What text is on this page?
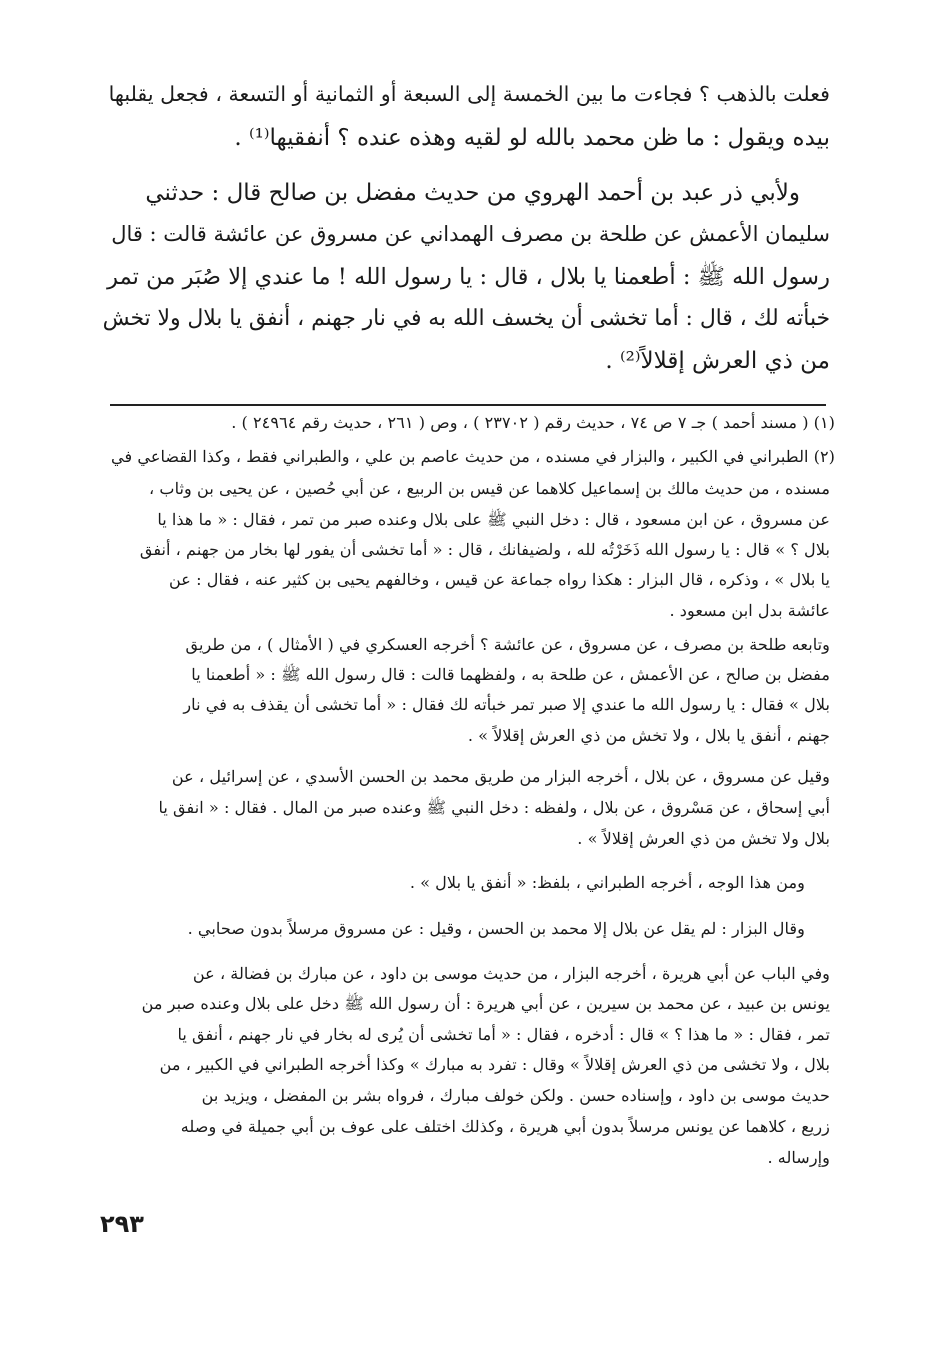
فعلت بالذهب ؟ فجاءت ما بين الخمسة إلى السبعة أو الثمانية أو التسعة ، فجعل يقلبها
بيده ويقول : ما ظن محمد بالله لو لقيه وهذه عنده ؟ أنفقيها⁽¹⁾ .
ولأبي ذر عبد بن أحمد الهروي من حديث مفضل بن صالح قال : حدثني
سليمان الأعمش عن طلحة بن مصرف الهمداني عن مسروق عن عائشة قالت : قال
رسول الله ﷺ : أطعمنا يا بلال ، قال : يا رسول الله ! ما عندي إلا صُبَر من تمر
خبأته لك ، قال : أما تخشى أن يخسف الله به في نار جهنم ، أنفق يا بلال ولا تخش
من ذي العرش إقلالاً⁽²⁾ .
(١) ( مسند أحمد ) جـ ٧ ص ٧٤ ، حديث رقم ( ٢٣٧٠٢ ) ، وص ( ٢٦١ ، حديث رقم ٢٤٩٦٤ ) .
(٢) الطبراني في الكبير ، والبزار في مسنده ، من حديث عاصم بن علي ، والطبراني فقط ، وكذا القضاعي في
مسنده ، من حديث مالك بن إسماعيل كلاهما عن قيس بن الربيع ، عن أبي حُصين ، عن يحيى بن وثاب ،
عن مسروق ، عن ابن مسعود ، قال : دخل النبي ﷺ على بلال وعنده صبر من تمر ، فقال : « ما هذا يا
بلال ؟ » قال : يا رسول الله ذَخَرْتُه لله ، ولضيفانك ، قال : « أما تخشى أن يفور لها بخار من جهنم ، أنفق
يا بلال » ، وذكره ، قال البزار : هكذا رواه جماعة عن قيس ، وخالفهم يحيى بن كثير عنه ، فقال : عن
عائشة بدل ابن مسعود .
وتابعه طلحة بن مصرف ، عن مسروق ، عن عائشة ؟ أخرجه العسكري في ( الأمثال ) ، من طريق
مفضل بن صالح ، عن الأعمش ، عن طلحة به ، ولفظهما قالت : قال رسول الله ﷺ : « أطعمنا يا
بلال » فقال : يا رسول الله ما عندي إلا صبر تمر خبأته لك فقال : « أما تخشى أن يقذف به في نار
جهنم ، أنفق يا بلال ، ولا تخش من ذي العرش إقلالاً » .
وقيل عن مسروق ، عن بلال ، أخرجه البزار من طريق محمد بن الحسن الأسدي ، عن إسرائيل ، عن
أبي إسحاق ، عن مَسْروق ، عن بلال ، ولفظه : دخل النبي ﷺ وعنده صبر من المال . فقال : « انفق يا
بلال ولا تخش من ذي العرش إقلالاً » .
ومن هذا الوجه ، أخرجه الطبراني ، بلفظ: « أنفق يا بلال » .
وقال البزار : لم يقل عن بلال إلا محمد بن الحسن ، وقيل : عن مسروق مرسلاً بدون صحابي .
وفي الباب عن أبي هريرة ، أخرجه البزار ، من حديث موسى بن داود ، عن مبارك بن فضالة ، عن
يونس بن عبيد ، عن محمد بن سيرين ، عن أبي هريرة : أن رسول الله ﷺ دخل على بلال وعنده صبر من
تمر ، فقال : « ما هذا ؟ » قال : أدخره ، فقال : « أما تخشى أن يُرى له بخار في نار جهنم ، أنفق يا
بلال ، ولا تخشى من ذي العرش إقلالاً » وقال : تفرد به مبارك » وكذا أخرجه الطبراني في الكبير ، من
حديث موسى بن داود ، وإسناده حسن . ولكن خولف مبارك ، فرواه بشر بن المفضل ، ويزيد بن
زريع ، كلاهما عن يونس مرسلاً بدون أبي هريرة ، وكذلك اختلف على عوف بن أبي جميلة في وصله
وإرساله .
٢٩٣
